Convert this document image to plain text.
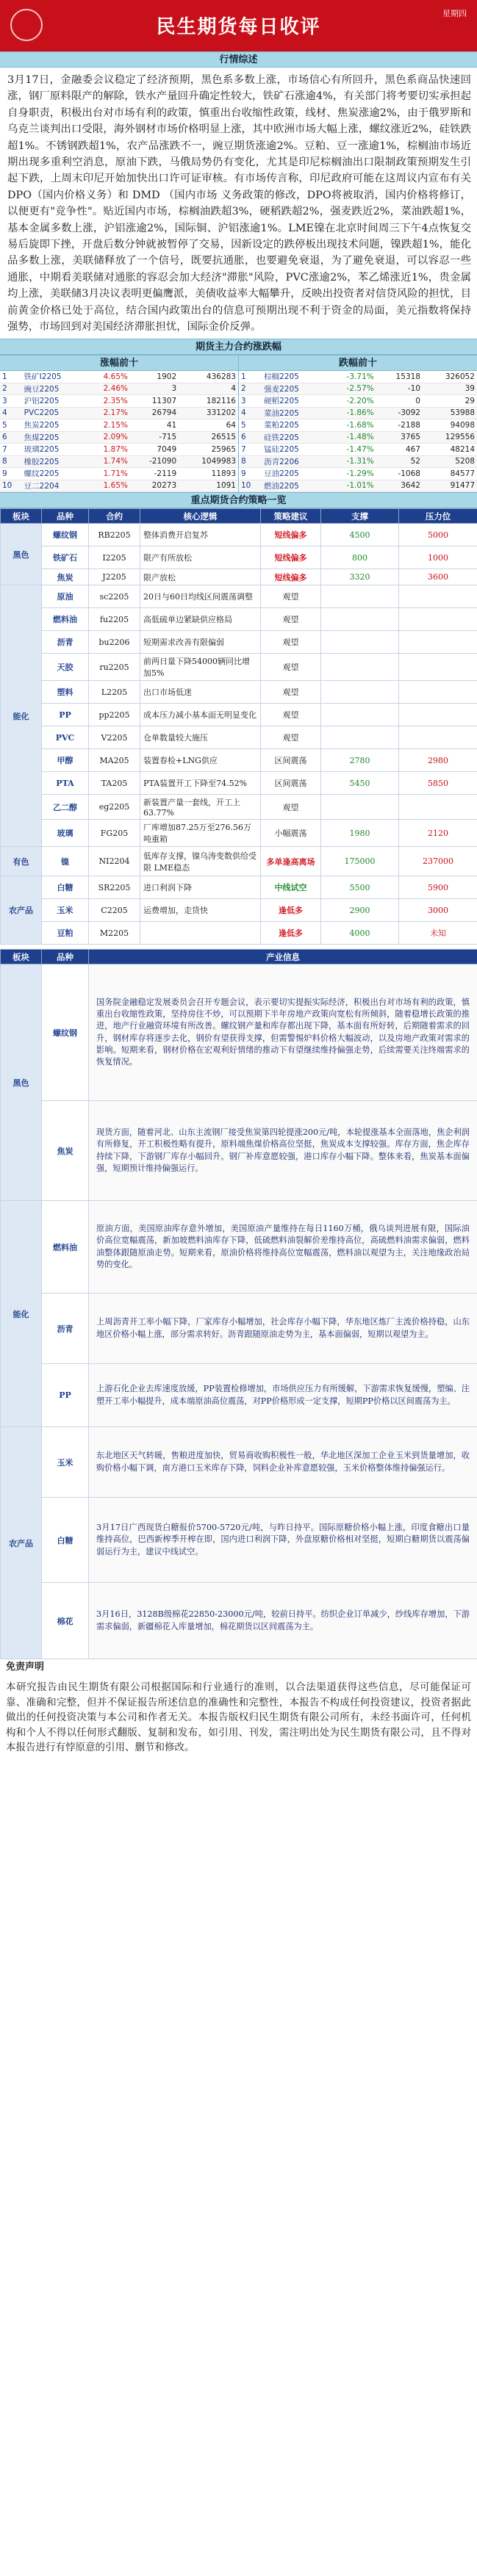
民生期货每日收评
星期四
行情综述
3月17日，金融委会议稳定了经济预期，黑色系多数上涨，市场信心有所回升，黑色系商品快速回涨，钢厂原料限产的解除，铁水产量回升确定性较大，铁矿石涨逾4%，有关部门将考要切实承担起自身职责，积极出台对市场有利的政策，慎重出台收缩性政策，线材、焦炭涨逾2%，由于俄罗斯和乌克兰谈判出口受限，海外钢材市场价格明显上涨，其中欧洲市场大幅上涨，螺纹涨近2%，硅铁跌超1%。不锈钢跌超1%，农产品涨跌不一，豌豆期货涨逾2%。豆粕、豆一涨逾1%，棕榈油市场近期出现多重利空消息，原油下跌，马俄局势仍有变化，尤其是印尼棕榈油出口限制政策预期发生引起下跌，上周末印尼开始加快出口许可证审核。有市场传言称，印尼政府可能在这周议内宣布有关 DPO（国内价格义务）和 DMD （国内市场 义务政策的修改，DPO将被取消，国内价格将修订，以便更有"竞争性"。贴近国内市场，棕榈油跌超3%，硬稻跌超2%，强麦跌近2%，菜油跌超1%，基本金属多数上涨，沪铝涨逾2%，国际铜、沪铝涨逾1%。LME镍在北京时间周三下午4点恢复交易后旋即下挫，开盘后数分钟就被暂停了交易，因新设定的跌停板出现技术问题，镍跌超1%，能化品多数上涨，美联储释放了一个信号，既要抗通胀，也要避免衰退，为了避免衰退，可以容忍一些通胀，中期看美联储对通胀的容忍会加大经济"滞胀"风险，PVC涨逾2%，苯乙烯涨近1%，贵金属均上涨，美联储3月决议表明更偏鹰派，美债收益率大幅攀升，反映出投资者对信贷风险的担忧，目前黄金价格已处于高位，结合国内政策出台的信息可预期出现不利于资金的局面，美元指数将保持强势，市场回到对美国经济滞胀担忧，国际金价反弹。
期货主力合约涨跌幅
涨幅前十
1	铁矿I2205	4.65%	1902	436283
2	豌豆2205	2.46%	3	4
3	沪铝2205	2.35%	11307	182116
4	PVC2205	2.17%	26794	331202
5	焦炭2205	2.15%	41	64
6	焦煤2205	2.09%	-715	26515
7	玻璃2205	1.87%	7049	25965
8	橡胶2205	1.74%	-21090	1049983
9	螺纹2205	1.71%	-2119	11893
10	豆二2204	1.65%	20273	1091
跌幅前十
1	棕榈2205	-3.71%	15318	326052
2	强麦2205	-2.57%	-10	39
3	硬稻2205	-2.20%	0	29
4	菜油2205	-1.86%	-3092	53988
5	菜粕2205	-1.68%	-2188	94098
6	硅铁2205	-1.48%	3765	129556
7	锰硅2205	-1.47%	467	48214
8	沥青2206	-1.31%	52	5208
9	豆油2205	-1.29%	-1068	84577
10	燃油2205	-1.01%	3642	91477
重点期货合约策略一览
板块	品种	合约	核心逻辑	策略建议	支撑	压力位
黑色	螺纹钢	RB2205	整体消费开启复苏	短线偏多	4500	5000
	铁矿石	I2205	限产有所放松	短线偏多	800	1000
	焦炭	J2205	限产放松	短线偏多	3320	3600
能化	原油	sc2205	20日与60日均线区间震荡调整	观望		
	燃料油	fu2205	高低硫单边紧缺供应格局	观望		
	沥青	bu2206	短期需求改善有限偏弱	观望		
	天胶	ru2205	前两日量下降54000辆同比增加5%	观望		
	塑料	L2205	出口市场低迷	观望		
	PP	pp2205	成本压力减小基本面无明显变化	观望		
	PVC	V2205	仓单数量较大施压	观望		
	甲醇	MA205	装置春检+LNG供应	区间震荡	2780	2980
	PTA	TA205	PTA装置开工下降至74.52%	区间震荡	5450	5850
	乙二醇	eg2205	新装置产量一套线，开工上63.77%	观望		
	玻璃	FG205	厂库增加87.25万至276.56万吨重箱	小幅震荡	1980	2120
有色	镍	NI2204	低库存支撑，镍乌涛变数供给受限 LME稳态	多单逢高离场	175000	237000
农产品	白糖	SR2205	进口利润下降	中线试空	5500	5900
	玉米	C2205	运费增加，走货快	逢低多	2900	3000
	豆粕	M2205		逢低多	4000	未知
板块	品种	产业信息
黑色	螺纹钢	国务院金融稳定发展委员会召开专题会议，表示要切实提振实际经济，积极出台对市场有利的政策，慎重出台收缩性政策，坚持房住不炒，可以预期下半年房地产政策向宽松有所倾斜，随着稳增长政策的推进，地产行业融资环境有所改善。螺纹钢产量和库存都出现下降，基本面有所好转，后期随着需求的回升，钢材库存将逐步去化，钢价有望获得支撑，但需警惕炉料价格大幅波动，以及房地产政策对需求的影响。短期来看，钢材价格在宏观利好情绪的推动下有望继续维持偏强走势，后续需要关注终端需求的恢复情况。

	焦炭	现货方面，随着河北、山东主流钢厂接受焦炭第四轮提涨200元/吨，本轮提涨基本全面落地，焦企利润有所修复，开工积极性略有提升，原料端焦煤价格高位坚挺，焦炭成本支撑较强。库存方面，焦企库存持续下降，下游钢厂库存小幅回升。钢厂补库意愿较强，港口库存小幅下降。整体来看，焦炭基本面偏强，短期预计维持偏强运行。

能化	燃料油	原油方面，美国原油库存意外增加，美国原油产量维持在每日1160万桶，俄乌谈判进展有限，国际油价高位宽幅震荡，新加坡燃料油库存下降，低硫燃料油裂解价差维持高位，高硫燃料油需求偏弱，燃料油整体跟随原油走势。短期来看，原油价格将维持高位宽幅震荡，燃料油以观望为主，关注地缘政治局势的变化。

	沥青	上周沥青开工率小幅下降，厂家库存小幅增加，社会库存小幅下降，华东地区炼厂主流价格持稳，山东地区价格小幅上涨，部分需求转好。沥青跟随原油走势为主，基本面偏弱，短期以观望为主。

	PP	上游石化企业去库速度放缓，PP装置检修增加，市场供应压力有所缓解，下游需求恢复缓慢，塑编、注塑开工率小幅提升，成本端原油高位震荡，对PP价格形成一定支撑，短期PP价格以区间震荡为主。

农产品	玉米	东北地区天气转暖，售粮进度加快，贸易商收购积极性一般，华北地区深加工企业玉米到货量增加，收购价格小幅下调，南方港口玉米库存下降，饲料企业补库意愿较强，玉米价格整体维持偏强运行。

	白糖	3月17日广西现货白糖报价5700-5720元/吨，与昨日持平。国际原糖价格小幅上涨，印度食糖出口量维持高位，巴西新榨季开榨在即，国内进口利润下降，外盘原糖价格相对坚挺，短期白糖期货以震荡偏弱运行为主，建议中线试空。

	棉花	3月16日，3128B级棉花22850-23000元/吨，较前日持平。纺织企业订单减少，纱线库存增加，下游需求偏弱，新疆棉花入库量增加，棉花期货以区间震荡为主。
免责声明
本研究报告由民生期货有限公司根据国际和行业通行的准则，以合法渠道获得这些信息，尽可能保证可靠、准确和完整，但并不保证报告所述信息的准确性和完整性，本报告不构成任何投资建议，投资者据此做出的任何投资决策与本公司和作者无关。本报告版权归民生期货有限公司所有，未经书面许可，任何机构和个人不得以任何形式翻版、复制和发布，如引用、刊发，需注明出处为民生期货有限公司，且不得对本报告进行有悖原意的引用、删节和修改。
